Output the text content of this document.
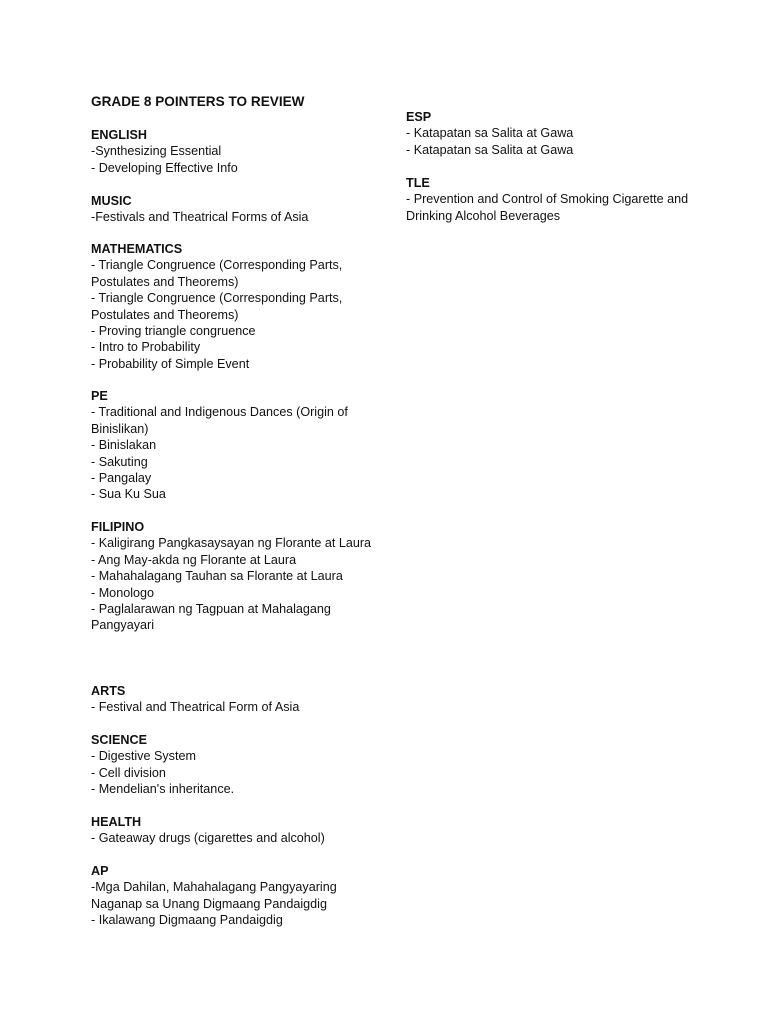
GRADE 8 POINTERS TO REVIEW
ENGLISH
-Synthesizing Essential
- Developing Effective Info
MUSIC
-Festivals and Theatrical Forms of Asia
MATHEMATICS
- Triangle Congruence (Corresponding Parts, Postulates and Theorems)
- Triangle Congruence (Corresponding Parts, Postulates and Theorems)
- Proving triangle congruence
- Intro to Probability
- Probability of Simple Event
PE
- Traditional and Indigenous Dances (Origin of Binislikan)
- Binislakan
- Sakuting
- Pangalay
- Sua Ku Sua
FILIPINO
- Kaligirang Pangkasaysayan ng Florante at Laura
- Ang May-akda ng Florante at Laura
- Mahahalagang Tauhan sa Florante at Laura
- Monologo
- Paglalarawan ng Tagpuan at Mahalagang Pangyayari
ARTS
- Festival and Theatrical Form of Asia
SCIENCE
- Digestive System
- Cell division
- Mendelian's inheritance.
HEALTH
- Gateaway drugs (cigarettes and alcohol)
AP
-Mga Dahilan, Mahahalagang Pangyayaring Naganap sa Unang Digmaang Pandaigdig
- Ikalawang Digmaang Pandaigdig
ESP
- Katapatan sa Salita at Gawa
- Katapatan sa Salita at Gawa
TLE
- Prevention and Control of Smoking Cigarette and Drinking Alcohol Beverages
